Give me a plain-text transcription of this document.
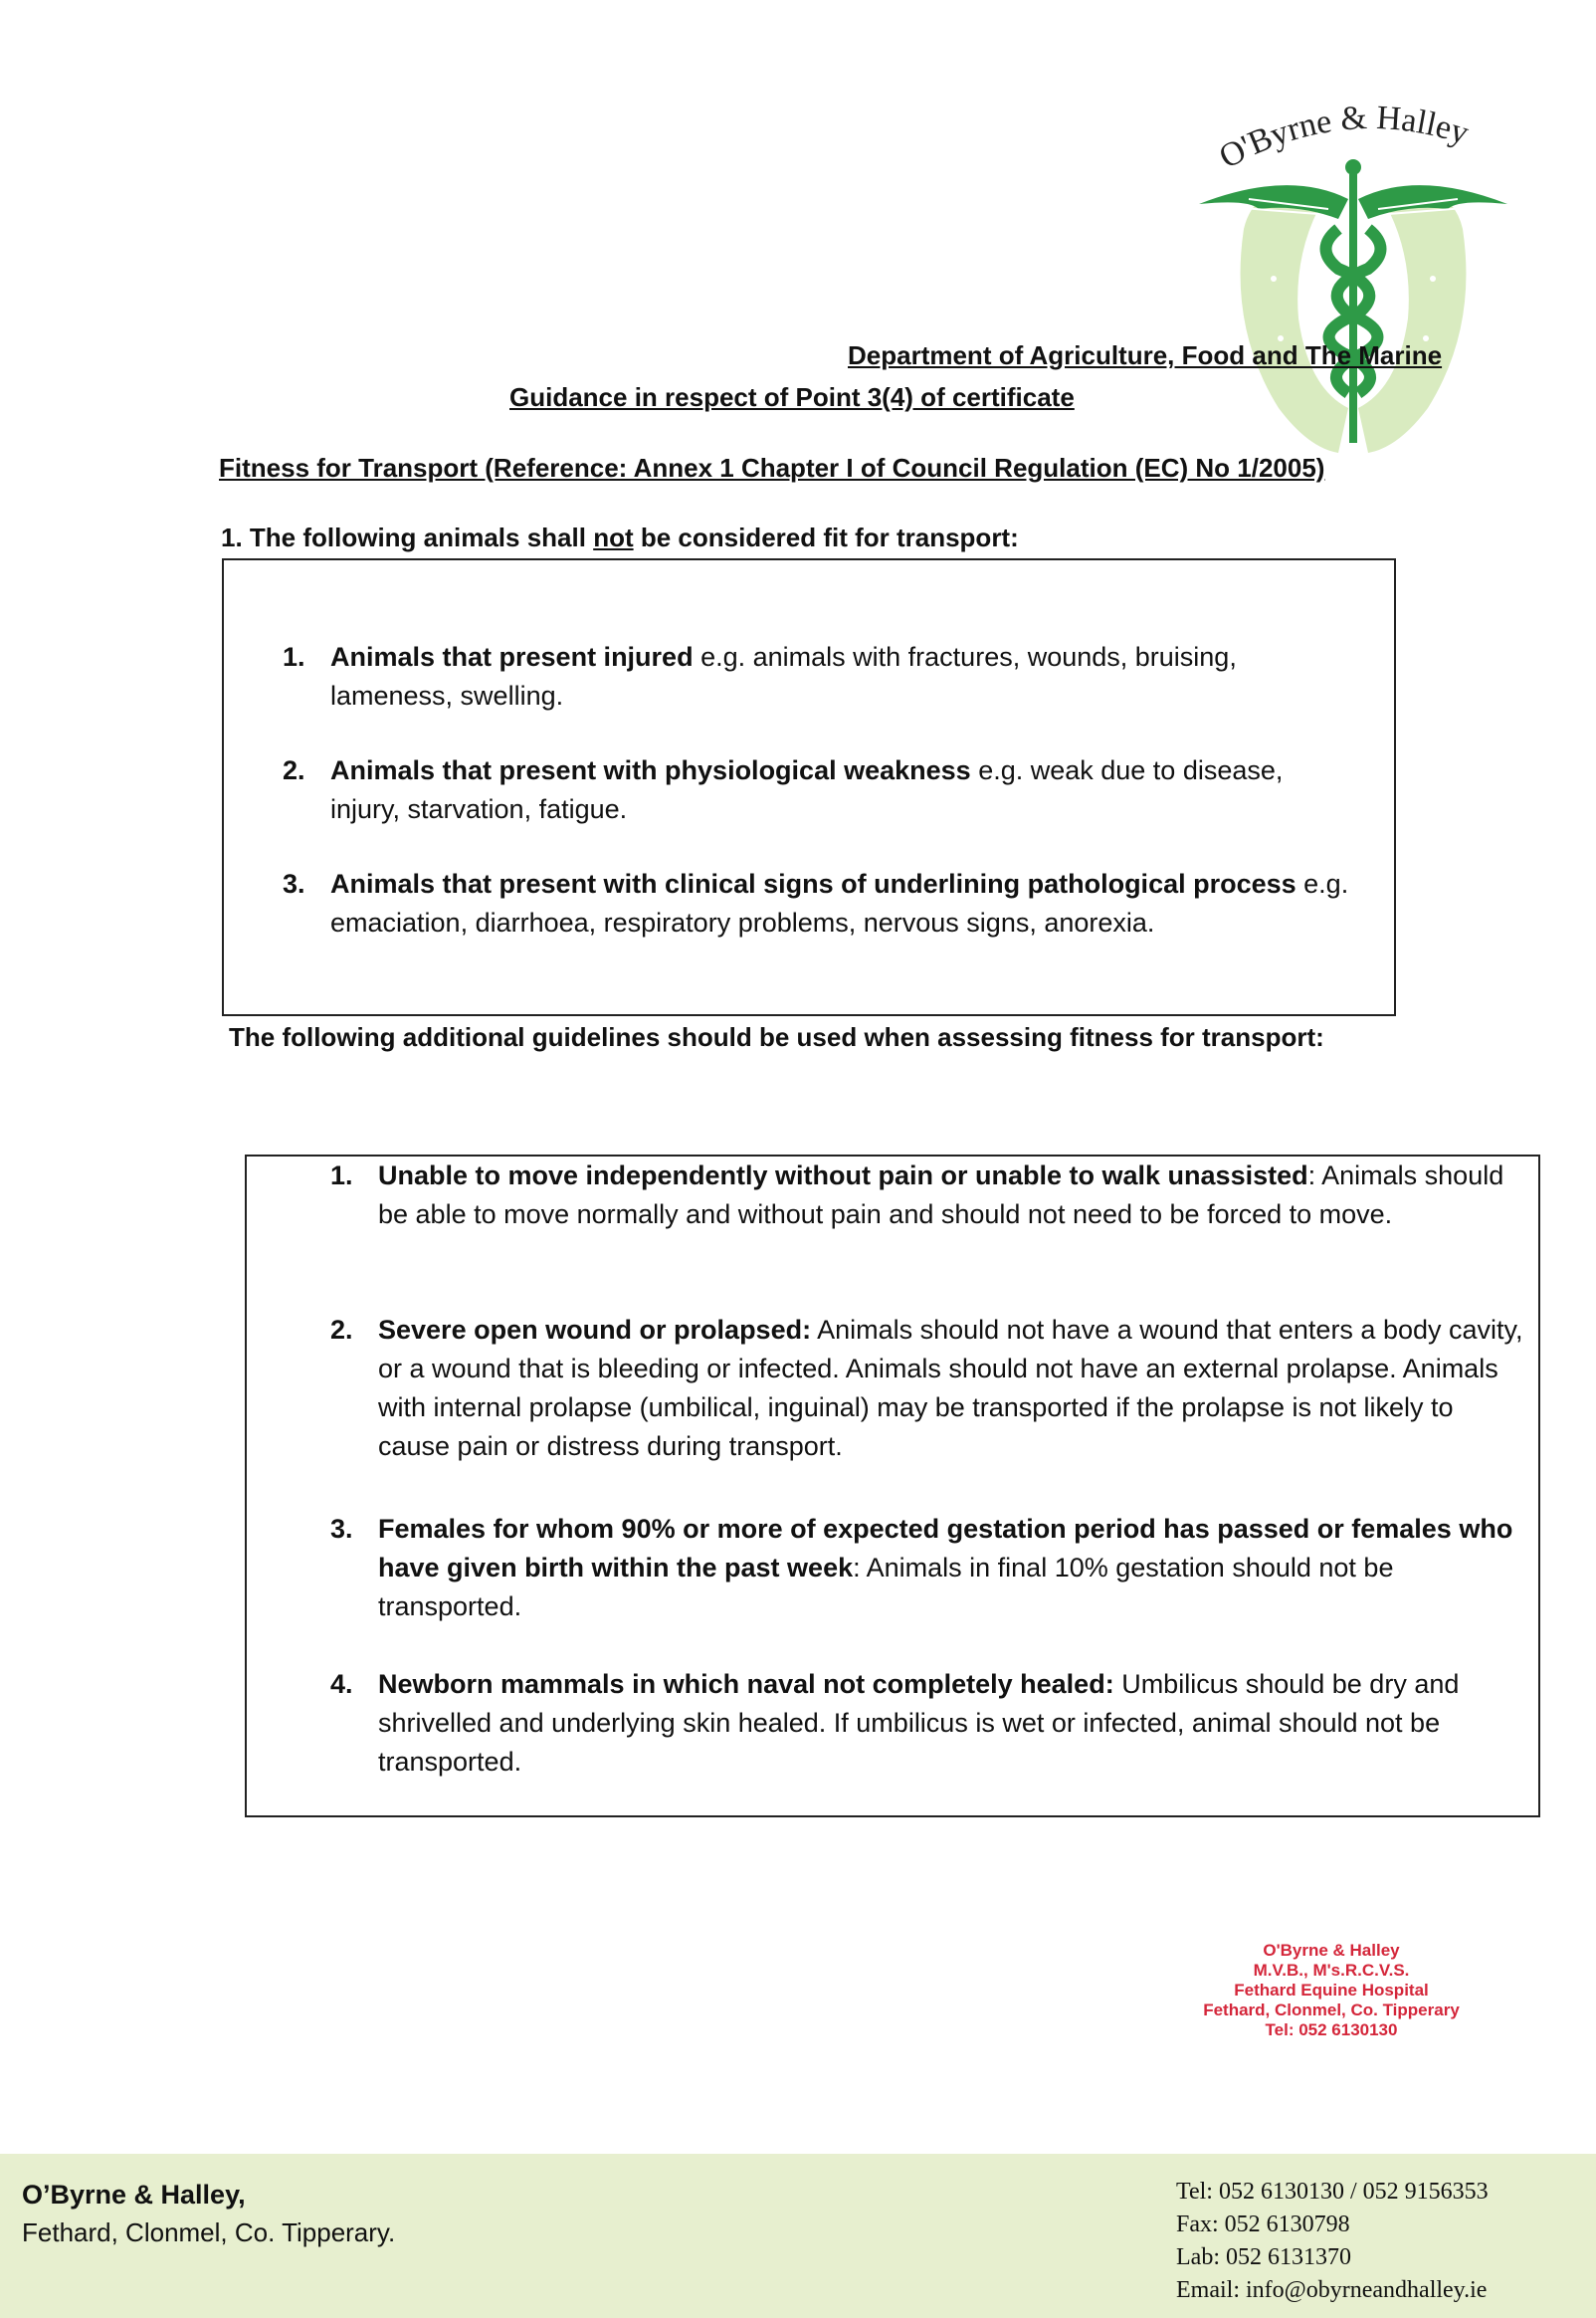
O'Byrne & Halley
Department of Agriculture, Food and The Marine
Guidance in respect of Point 3(4) of certificate
Fitness for Transport (Reference: Annex 1 Chapter I of Council Regulation (EC) No 1/2005)
1. The following animals shall not be considered fit for transport:
1. Animals that present injured e.g. animals with fractures, wounds, bruising, lameness, swelling.
2. Animals that present with physiological weakness e.g. weak due to disease, injury, starvation, fatigue.
3. Animals that present with clinical signs of underlining pathological process e.g. emaciation, diarrhoea, respiratory problems, nervous signs, anorexia.
The following additional guidelines should be used when assessing fitness for transport:
1. Unable to move independently without pain or unable to walk unassisted: Animals should be able to move normally and without pain and should not need to be forced to move.
2. Severe open wound or prolapsed: Animals should not have a wound that enters a body cavity, or a wound that is bleeding or infected. Animals should not have an external prolapse. Animals with internal prolapse (umbilical, inguinal) may be transported if the prolapse is not likely to cause pain or distress during transport.
3. Females for whom 90% or more of expected gestation period has passed or females who have given birth within the past week: Animals in final 10% gestation should not be transported.
4. Newborn mammals in which naval not completely healed: Umbilicus should be dry and shrivelled and underlying skin healed. If umbilicus is wet or infected, animal should not be transported.
O'Byrne & Halley
M.V.B., M's.R.C.V.S.
Fethard Equine Hospital
Fethard, Clonmel, Co. Tipperary
Tel: 052 6130130
O’Byrne & Halley,
Fethard, Clonmel, Co. Tipperary.
Tel: 052 6130130 / 052 9156353
Fax: 052 6130798
Lab: 052 6131370
Email: info@obyrneandhalley.ie
